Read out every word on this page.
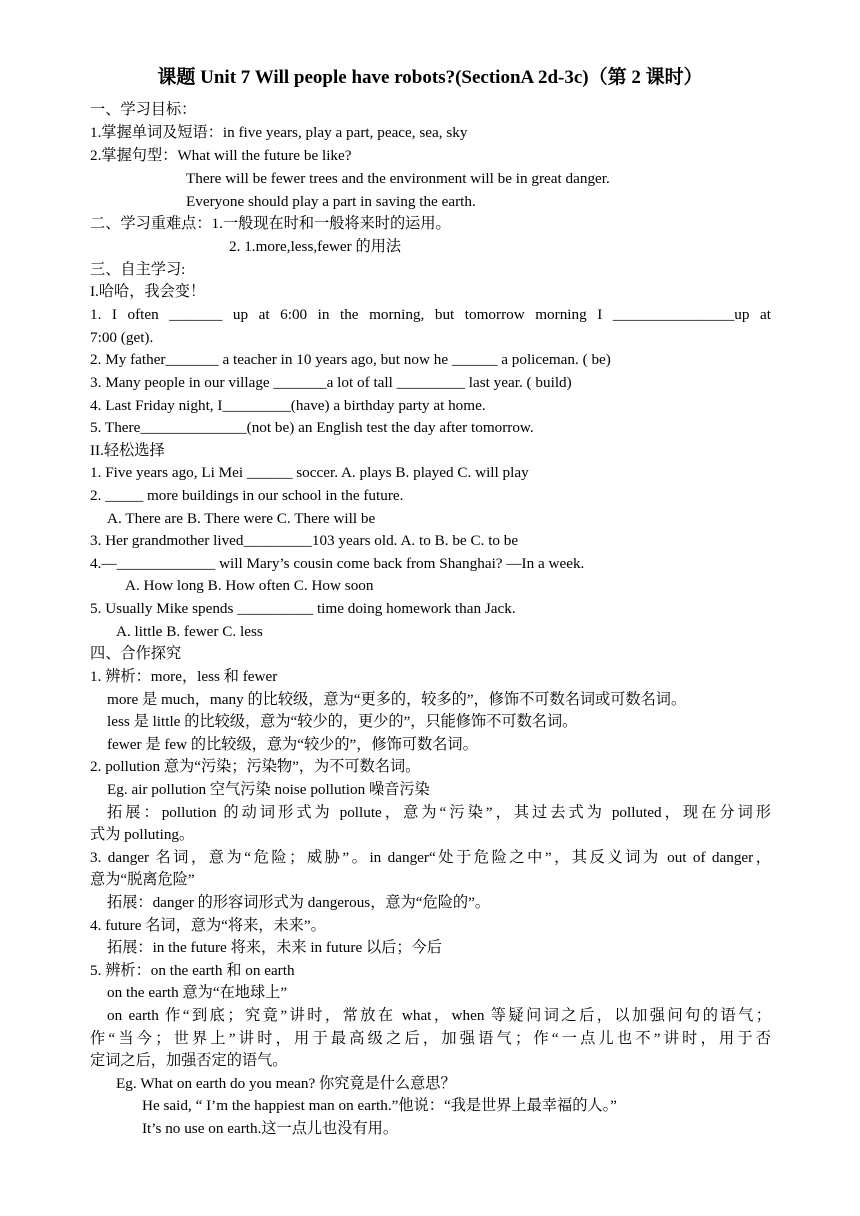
课题 Unit 7 Will people have robots?(SectionA 2d-3c)（第 2 课时）
一、学习目标：
1.掌握单词及短语：in five years, play a part, peace, sea, sky
2.掌握句型：What will the future be like?
There will be fewer trees and the environment will be in great danger.
Everyone should play a part in saving the earth.
二、学习重难点：1.一般现在时和一般将来时的运用。
2. 1.more,less,fewer 的用法
三、自主学习:
I.哈哈，我会变！
1. I often _______ up at 6:00 in the morning, but tomorrow morning I ________________up at
7:00 (get).
2. My father_______ a teacher in 10 years ago, but now he ______ a policeman. ( be)
3. Many people in our village _______a lot of tall _________ last year. ( build)
4. Last Friday night, I_________(have) a birthday party at home.
5. There______________(not be) an English test the day after tomorrow.
II.轻松选择
1. Five years ago, Li Mei ______ soccer. A. plays B. played C. will play
2. _____ more buildings in our school in the future.
A. There are B. There were C. There will be
3. Her grandmother lived_________103 years old. A. to B. be C. to be
4.—_____________ will Mary’s cousin come back from Shanghai? —In a week.
A. How long B. How often C. How soon
5. Usually Mike spends __________ time doing homework than Jack.
A. little B. fewer C. less
四、合作探究
1. 辨析：more，less 和 fewer
more 是 much，many 的比较级，意为“更多的，较多的”，修饰不可数名词或可数名词。
less 是 little 的比较级，意为“较少的，更少的”，只能修饰不可数名词。
fewer 是 few 的比较级，意为“较少的”，修饰可数名词。
2. pollution 意为“污染；污染物”，为不可数名词。
Eg. air pollution 空气污染 noise pollution 噪音污染
拓展：pollution 的动词形式为 pollute，意为“污染”，其过去式为 polluted，现在分词形
式为 polluting。
3. danger 名词，意为“危险；威胁”。in danger“处于危险之中”，其反义词为 out of danger，
意为“脱离危险”
拓展：danger 的形容词形式为 dangerous，意为“危险的”。
4. future 名词，意为“将来，未来”。
拓展：in the future 将来，未来 in future 以后；今后
5. 辨析：on the earth 和 on earth
on the earth 意为“在地球上”
on earth 作“到底；究竟”讲时，常放在 what，when 等疑问词之后，以加强问句的语气；
作“当今；世界上”讲时，用于最高级之后，加强语气；作“一点儿也不”讲时，用于否
定词之后，加强否定的语气。
Eg. What on earth do you mean? 你究竟是什么意思？
He said, “ I’m the happiest man on earth.”他说：“我是世界上最幸福的人。”
It’s no use on earth.这一点儿也没有用。
